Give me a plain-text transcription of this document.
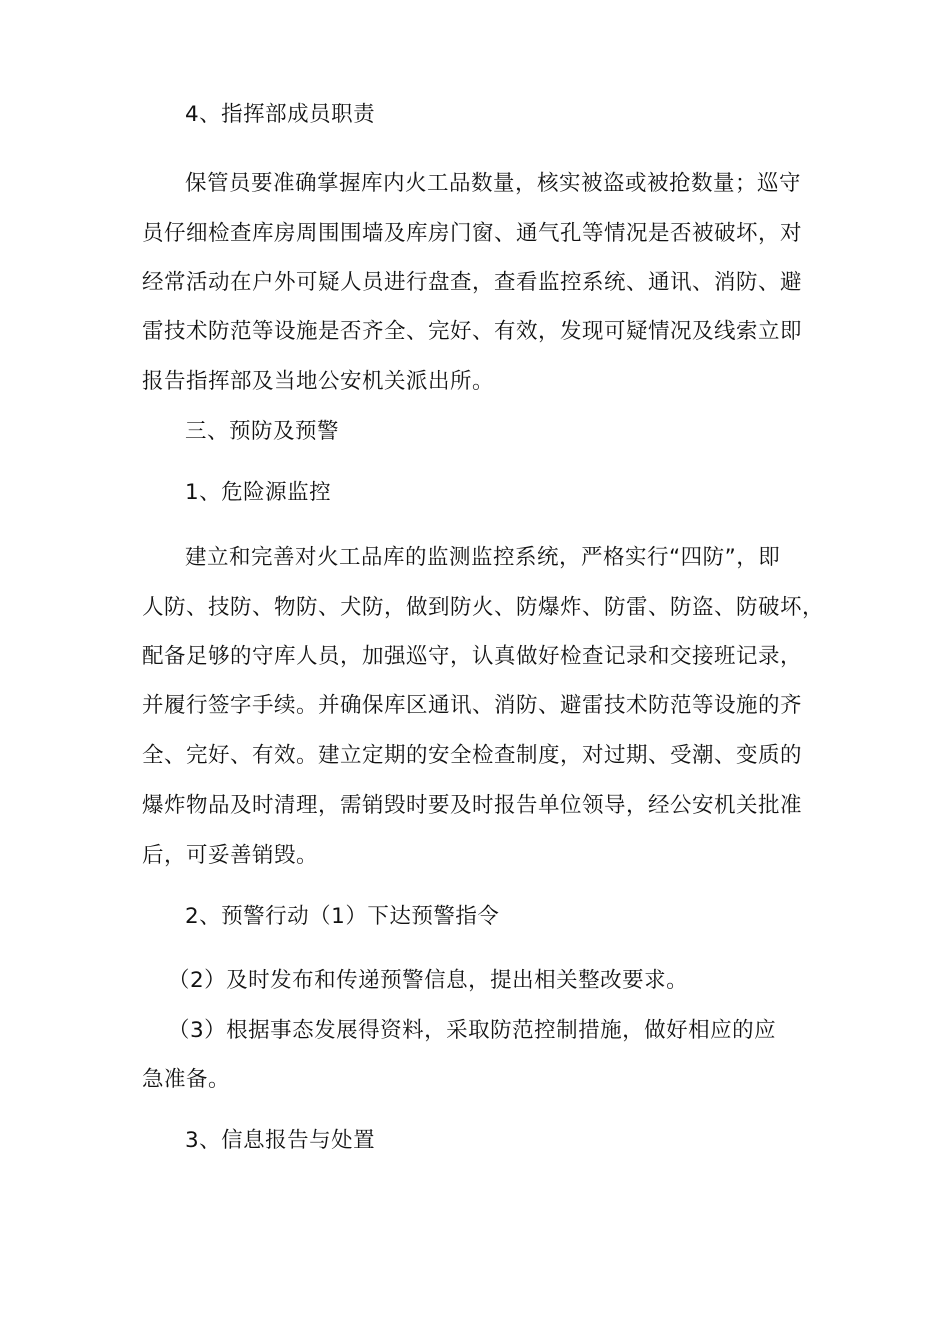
4、指挥部成员职责
保管员要准确掌握库内火工品数量，核实被盗或被抢数量；巡守
员仔细检查库房周围围墙及库房门窗、通气孔等情况是否被破坏，对
经常活动在户外可疑人员进行盘查，查看监控系统、通讯、消防、避
雷技术防范等设施是否齐全、完好、有效，发现可疑情况及线索立即
报告指挥部及当地公安机关派出所。
三、预防及预警
1、危险源监控
建立和完善对火工品库的监测监控系统，严格实行“四防”，即
人防、技防、物防、犬防，做到防火、防爆炸、防雷、防盗、防破坏，
配备足够的守库人员，加强巡守，认真做好检查记录和交接班记录，
并履行签字手续。并确保库区通讯、消防、避雷技术防范等设施的齐
全、完好、有效。建立定期的安全检查制度，对过期、受潮、变质的
爆炸物品及时清理，需销毁时要及时报告单位领导，经公安机关批准
后，可妥善销毁。
2、预警行动（1）下达预警指令
（2）及时发布和传递预警信息，提出相关整改要求。
（3）根据事态发展得资料，采取防范控制措施，做好相应的应
急准备。
3、信息报告与处置
